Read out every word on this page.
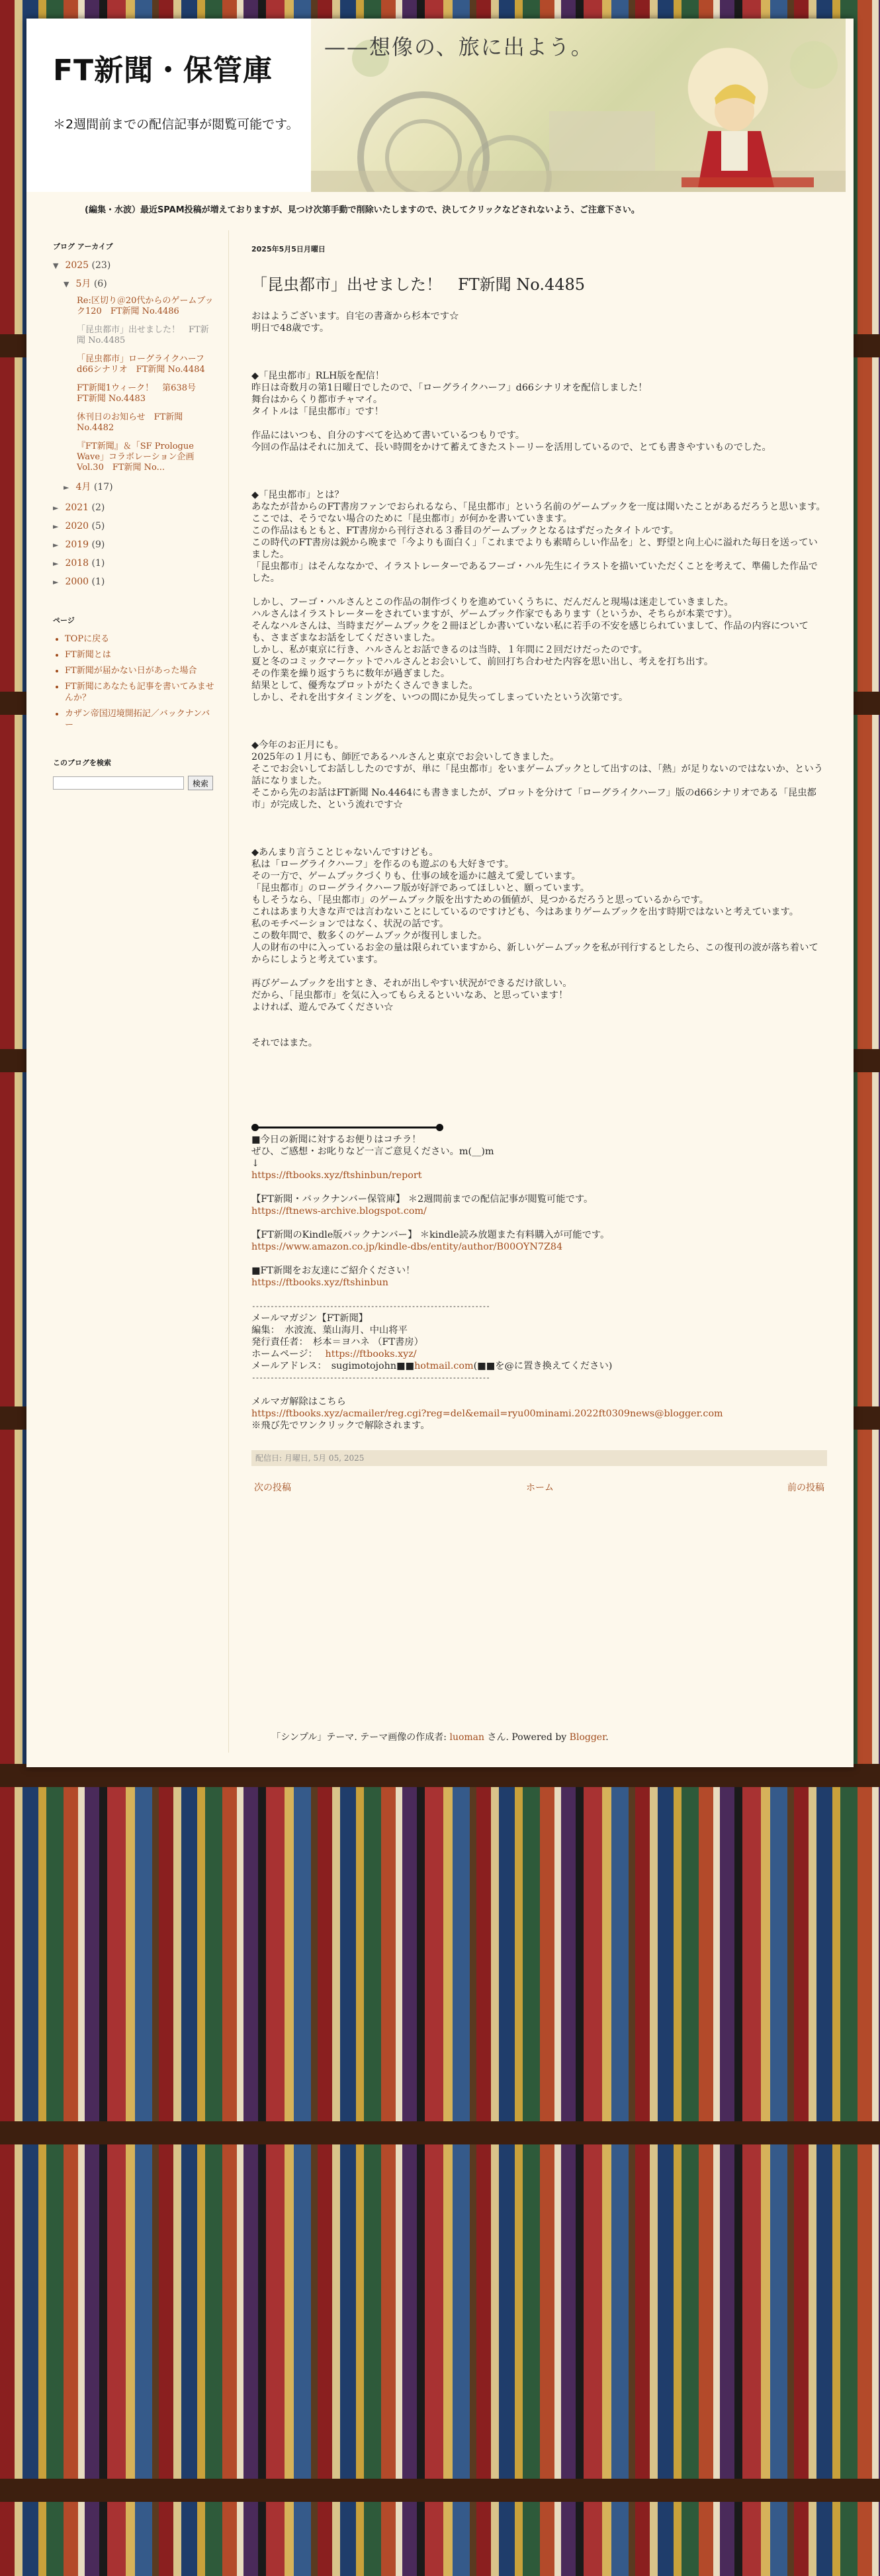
FT新聞・保管庫
＊2週間前までの配信記事が閲覧可能です。
——想像の、旅に出よう。
(編集・水波）最近SPAM投稿が増えておりますが、見つけ次第手動で削除いたしますので、決してクリックなどされないよう、ご注意下さい。
ブログ アーカイブ
▼ 2025 (23)
▼ 5月 (6)
Re:区切り＠20代からのゲームブック120　FT新聞 No.4486
「昆虫都市」出せました！　FT新聞 No.4485
「昆虫都市」ローグライクハーフd66シナリオ　FT新聞 No.4484
FT新聞1ウィーク！　第638号　FT新聞 No.4483
休刊日のお知らせ　FT新聞 No.4482
『FT新聞』＆「SF Prologue Wave」コラボレーション企画 Vol.30　FT新聞 No...
► 4月 (17)
► 2021 (2)
► 2020 (5)
► 2019 (9)
► 2018 (1)
► 2000 (1)
ページ
• TOPに戻る
• FT新聞とは
• FT新聞が届かない日があった場合
• FT新聞にあなたも記事を書いてみませんか？
• カザン帝国辺境開拓記／バックナンバー
このブログを検索
検索
2025年5月5日月曜日
「昆虫都市」出せました！　FT新聞 No.4485

おはようございます。自宅の書斎から杉本です☆

明日で48歳です。

◆「昆虫都市」RLH版を配信！

昨日は奇数月の第1日曜日でしたので、「ローグライクハーフ」d66シナリオを配信しました！

舞台はからくり都市チャマイ。

タイトルは「昆虫都市」です！

作品にはいつも、自分のすべてを込めて書いているつもりです。

今回の作品はそれに加えて、長い時間をかけて蓄えてきたストーリーを活用しているので、とても書きやすいものでした。

◆「昆虫都市」とは？

あなたが昔からのFT書房ファンでおられるなら、「昆虫都市」という名前のゲームブックを一度は聞いたことがあるだろうと思います。

ここでは、そうでない場合のために「昆虫都市」が何かを書いていきます。

この作品はもともと、FT書房から刊行される３番目のゲームブックとなるはずだったタイトルです。

この時代のFT書房は鋭から晩まで「今よりも面白く」「これまでよりも素晴らしい作品を」と、野望と向上心に溢れた毎日を送っていました。

「昆虫都市」はそんななかで、イラストレーターであるフーゴ・ハル先生にイラストを描いていただくことを考えて、準備した作品でした。

しかし、フーゴ・ハルさんとこの作品の制作づくりを進めていくうちに、だんだんと現場は迷走していきました。

ハルさんはイラストレーターをされていますが、ゲームブック作家でもあります（というか、そちらが本業です）。

そんなハルさんは、当時まだゲームブックを２冊ほどしか書いていない私に若手の不安を感じられていまして、作品の内容についても、さまざまなお話をしてくださいました。

しかし、私が東京に行き、ハルさんとお話できるのは当時、１年間に２回だけだったのです。

夏と冬のコミックマーケットでハルさんとお会いして、前回打ち合わせた内容を思い出し、考えを打ち出す。

その作業を繰り返すうちに数年が過ぎました。

結果として、優秀なプロットがたくさんできました。

しかし、それを出すタイミングを、いつの間にか見失ってしまっていたという次第です。

◆今年のお正月にも。

2025年の１月にも、師匠であるハルさんと東京でお会いしてきました。

そこでお会いしてお話ししたのですが、単に「昆虫都市」をいまゲームブックとして出すのは、「熱」が足りないのではないか、という話になりました。

そこから先のお話はFT新聞 No.4464にも書きましたが、プロットを分けて「ローグライクハーフ」版のd66シナリオである「昆虫都市」が完成した、という流れです☆

◆あんまり言うことじゃないんですけども。

私は「ローグライクハーフ」を作るのも遊ぶのも大好きです。

その一方で、ゲームブックづくりも、仕事の域を遥かに越えて愛しています。

「昆虫都市」のローグライクハーフ版が好評であってほしいと、願っています。

もしそうなら、「昆虫都市」のゲームブック版を出すための価値が、見つかるだろうと思っているからです。

これはあまり大きな声では言わないことにしているのですけども、今はあまりゲームブックを出す時期ではないと考えています。

私のモチベーションではなく、状況の話です。

この数年間で、数多くのゲームブックが復刊しました。

人の財布の中に入っているお金の量は限られていますから、新しいゲームブックを私が刊行するとしたら、この復刊の波が落ち着いてからにしようと考えています。

再びゲームブックを出すとき、それが出しやすい状況ができるだけ欲しい。

だから、「昆虫都市」を気に入ってもらえるといいなあ、と思っています！

よければ、遊んでみてください☆

それではまた。

■今日の新聞に対するお便りはコチラ！

ぜひ、ご感想・お叱りなど一言ご意見ください。m(__)m

↓

https://ftbooks.xyz/ftshinbun/report

【FT新聞・バックナンバー保管庫】 ＊2週間前までの配信記事が閲覧可能です。

https://ftnews-archive.blogspot.com/

【FT新聞のKindle版バックナンバー】 ＊kindle読み放題また有料購入が可能です。

https://www.amazon.co.jp/kindle-dbs/entity/author/B00OYN7Z84

■FT新聞をお友達にご紹介ください！

https://ftbooks.xyz/ftshinbun

----------------------------------------------------------------

メールマガジン【FT新聞】

編集：　水波流、葉山海月、中山将平

発行責任者：　杉本＝ヨハネ （FT書房）

ホームページ：　 https://ftbooks.xyz/

メールアドレス：　sugimotojohn■■hotmail.com(■■を@に置き換えてください)

----------------------------------------------------------------

メルマガ解除はこちら

https://ftbooks.xyz/acmailer/reg.cgi?reg=del&email=ryu00minami.2022ft0309news@blogger.com

※飛び先でワンクリックで解除されます。

配信日: 月曜日, 5月 05, 2025
次の投稿	ホーム	前の投稿
「シンプル」テーマ. テーマ画像の作成者: luoman さん. Powered by Blogger.
